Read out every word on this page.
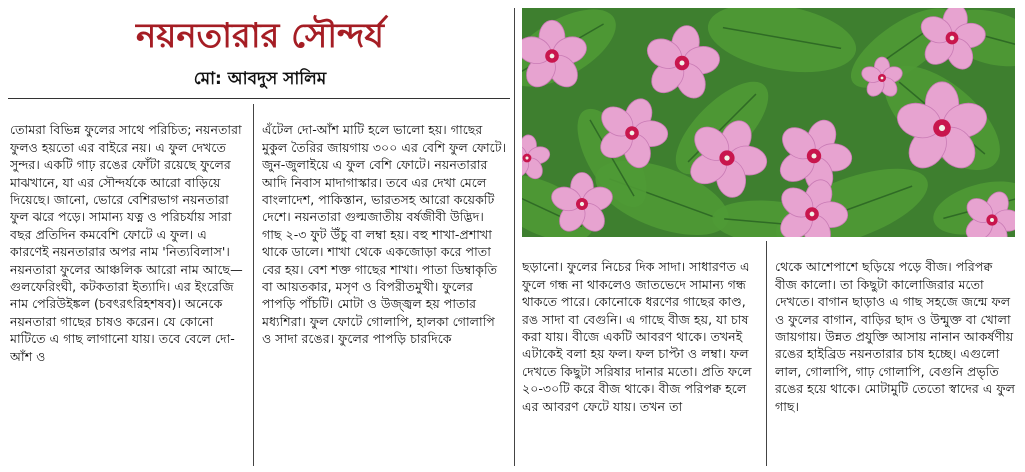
নয়নতারার সৌন্দর্য
মো: আবদুস সালিম

তোমরা বিভিন্ন ফুলের সাথে পরিচিত; নয়নতারা ফুলও হয়তো এর বাইরে নয়। এ ফুল দেখতে সুন্দর। একটি গাঢ় রঙের ফোঁটা রয়েছে ফুলের মাঝখানে, যা এর সৌন্দর্যকে আরো বাড়িয়ে দিয়েছে। জানো, ভোরে বেশিরভাগ নয়নতারা ফুল ঝরে পড়ে। সামান্য যত্ন ও পরিচর্যায় সারা বছর প্রতিদিন কমবেশি ফোটে এ ফুল। এ কারণেই নয়নতারার অপর নাম 'নিত্যবিলাস'। নয়নতারা ফুলের আঞ্চলিক আরো নাম আছে—গুলফেরিংঘী, কটকতারা ইত্যাদি। এর ইংরেজি নাম পেরিউইঙ্কল (চবৎরৎরিহশষব)। অনেকে নয়নতারা গাছের চাষও করেন। যে কোনো মাটিতে এ গাছ লাগানো যায়। তবে বেলে দো-আঁশ ও

এঁটেল দো-আঁশ মাটি হলে ভালো হয়। গাছের মুকুল তৈরির জায়গায় ৩০০ এর বেশি ফুল ফোটে। জুন-জুলাইয়ে এ ফুল বেশি ফোটে। নয়নতারার আদি নিবাস মাদাগাস্কার। তবে এর দেখা মেলে বাংলাদেশ, পাকিস্তান, ভারতসহ আরো কয়েকটি দেশে। নয়নতারা গুল্মজাতীয় বর্ষজীবী উদ্ভিদ। গাছ ২-৩ ফুট উঁচু বা লম্বা হয়। বহু শাখা-প্রশাখা থাকে ডালে। শাখা থেকে একজোড়া করে পাতা বের হয়। বেশ শক্ত গাছের শাখা। পাতা ডিম্বাকৃতি বা আয়তকার, মসৃণ ও বিপরীতমুখী। ফুলের পাপড়ি পাঁচটি। মোটা ও উজ্জ্বল হয় পাতার মধ্যশিরা। ফুল ফোটে গোলাপি, হালকা গোলাপি ও সাদা রঙের। ফুলের পাপড়ি চারদিকে

ছড়ানো। ফুলের নিচের দিক সাদা। সাধারণত এ ফুলে গন্ধ না থাকলেও জাতভেদে সামান্য গন্ধ থাকতে পারে। কোনোকে ধরণের গাছের কাণ্ড, রঙ সাদা বা বেগুনি। এ গাছে বীজ হয়, যা চাষ করা যায়। বীজে একটি আবরণ থাকে। তখনই এটাকেই বলা হয় ফল। ফল চাপ্টা ও লম্বা। ফল দেখতে কিছুটা সরিষার দানার মতো। প্রতি ফলে ২০-৩০টি করে বীজ থাকে। বীজ পরিপক্ব হলে এর আবরণ ফেটে যায়। তখন তা

থেকে আশেপাশে ছড়িয়ে পড়ে বীজ। পরিপক্ব বীজ কালো। তা কিছুটা কালোজিরার মতো দেখতে। বাগান ছাড়াও এ গাছ সহজে জন্মে ফল ও ফুলের বাগান, বাড়ির ছাদ ও উন্মুক্ত বা খোলা জায়গায়। উন্নত প্রযুক্তি আসায় নানান আকর্ষণীয় রঙের হাইব্রিড নয়নতারার চাষ হচ্ছে। এগুলো লাল, গোলাপি, গাঢ় গোলাপি, বেগুনি প্রভৃতি রঙের হয়ে থাকে। মোটামুটি তেতো স্বাদের এ ফুল গাছ।
